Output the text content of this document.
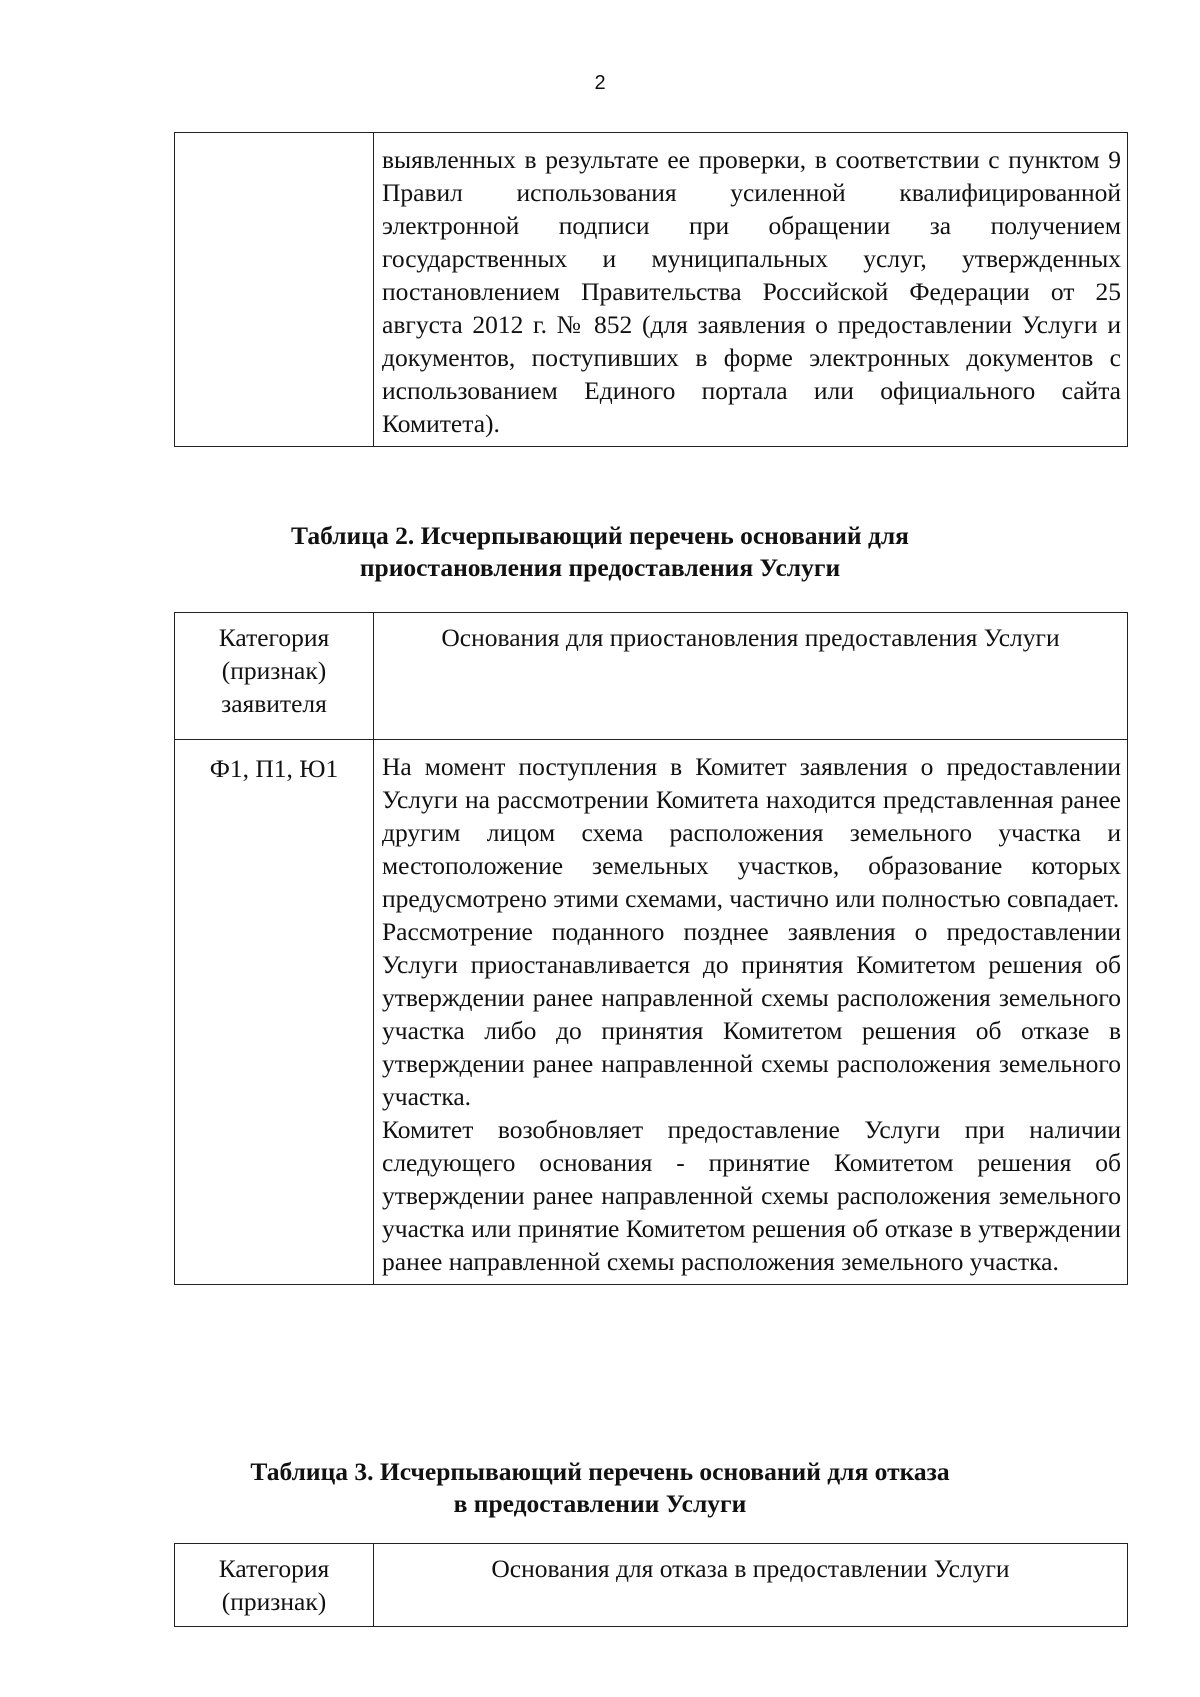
2

выявленных в результате ее проверки, в соответствии с пунктом 9 Правил использования усиленной квалифицированной электронной подписи при обращении за получением государственных и муниципальных услуг, утвержденных постановлением Правительства Российской Федерации от 25 августа 2012 г. № 852 (для заявления о предоставлении Услуги и документов, поступивших в форме электронных документов с использованием Единого портала или официального сайта Комитета).

Таблица 2. Исчерпывающий перечень оснований для
приостановления предоставления Услуги
Категория (признак) заявителя	Основания для приостановления предоставления Услуги
Ф1, П1, Ю1	На момент поступления в Комитет заявления о предоставлении Услуги на рассмотрении Комитета находится представленная ранее другим лицом схема расположения земельного участка и местоположение земельных участков, образование которых предусмотрено этими схемами, частично или полностью совпадает.

Рассмотрение поданного позднее заявления о предоставлении Услуги приостанавливается до принятия Комитетом решения об утверждении ранее направленной схемы расположения земельного участка либо до принятия Комитетом решения об отказе в утверждении ранее направленной схемы расположения земельного участка.

Комитет возобновляет предоставление Услуги при наличии следующего основания - принятие Комитетом решения об утверждении ранее направленной схемы расположения земельного участка или принятие Комитетом решения об отказе в утверждении ранее направленной схемы расположения земельного участка.

Таблица 3. Исчерпывающий перечень оснований для отказа
в предоставлении Услуги
Категория (признак)	Основания для отказа в предоставлении Услуги
